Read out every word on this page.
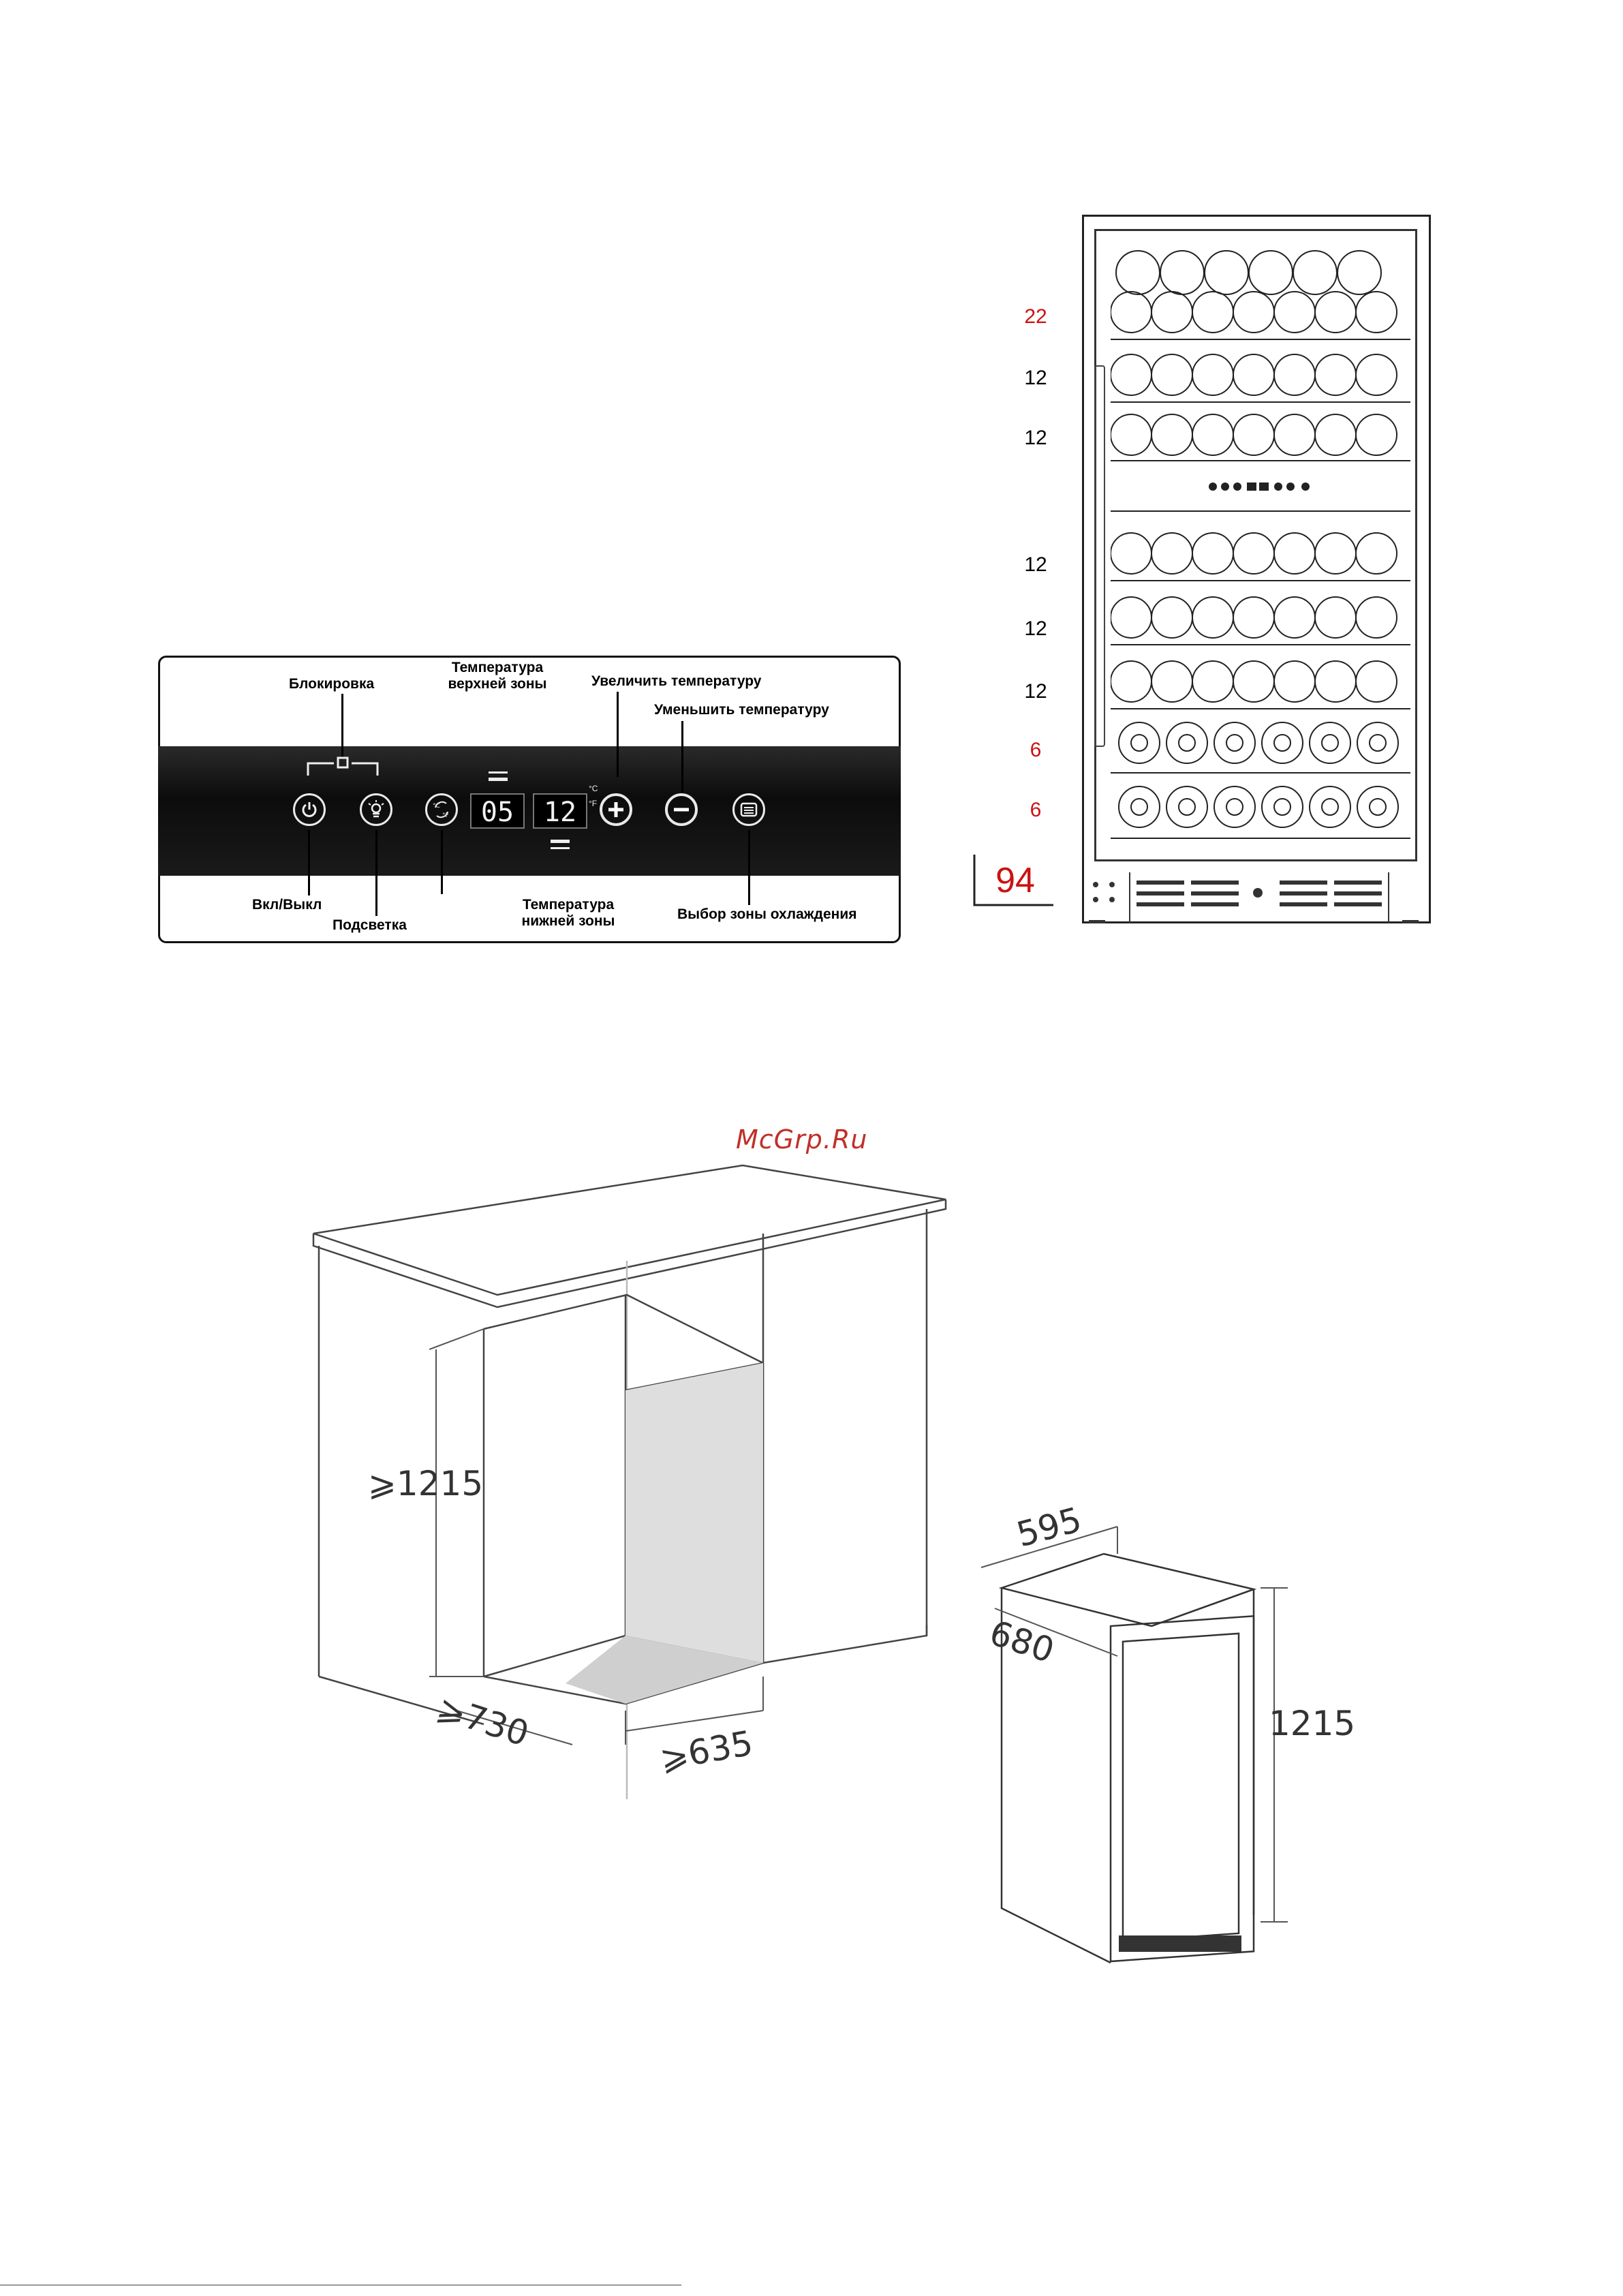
Блокировка
Температура верхней зоны	Увеличить температуру
Уменьшить температуру
Вкл/Выкл
Подсветка
Температура нижней зоны	Выбор зоны охлаждения
°C
°F	05	12
°C
°F
22
12
12
12
12
12
6
6
94
McGrp.Ru
⩾1215
⩾730	⩾635
595
680
1215
